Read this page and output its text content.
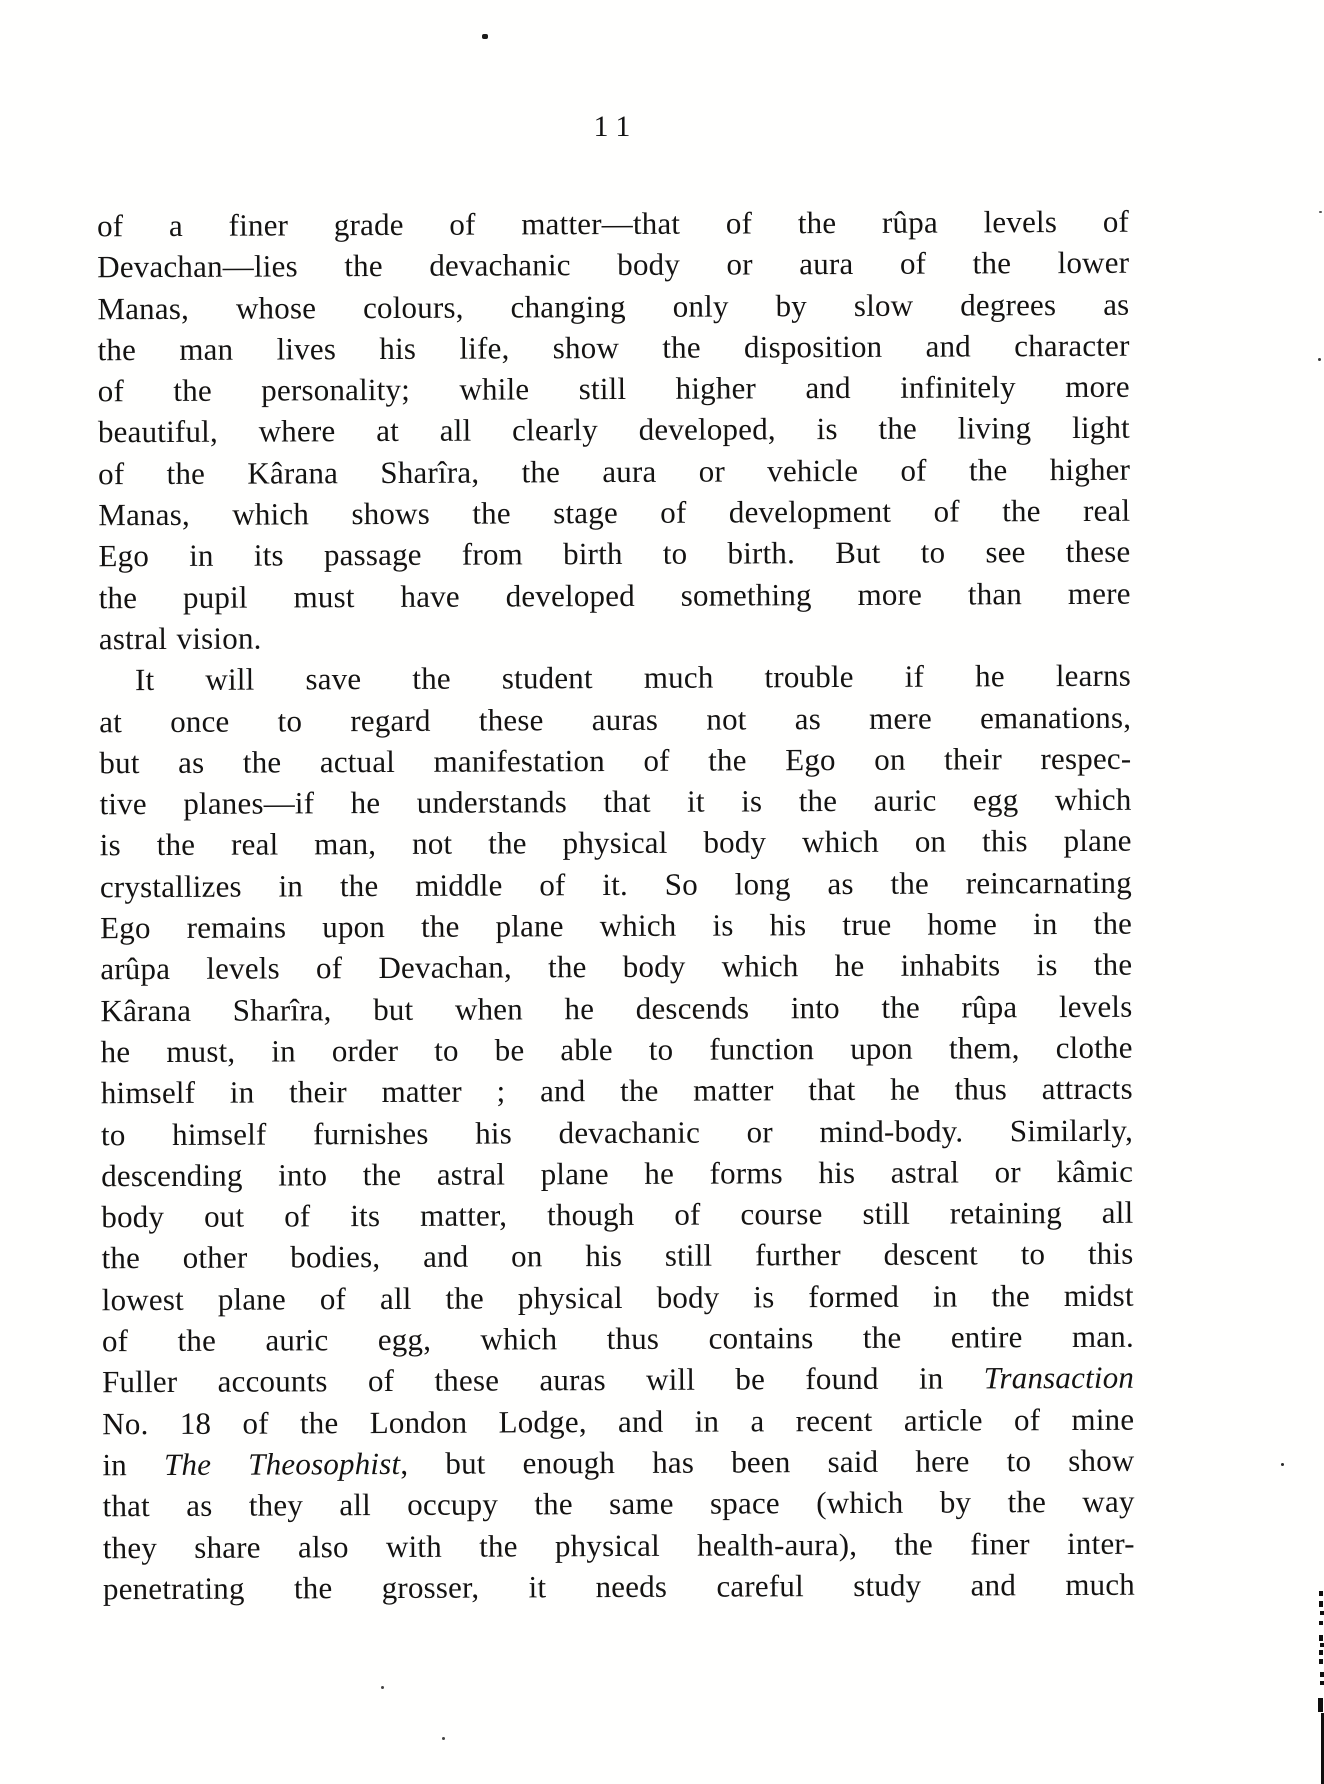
11
of a finer grade of matter—that of the rûpa levels of
Devachan—lies the devachanic body or aura of the lower
Manas, whose colours, changing only by slow degrees as
the man lives his life, show the disposition and character
of the personality; while still higher and infinitely more
beautiful, where at all clearly developed, is the living light
of the Kârana Sharîra, the aura or vehicle of the higher
Manas, which shows the stage of development of the real
Ego in its passage from birth to birth. But to see these
the pupil must have developed something more than mere
astral vision.
It will save the student much trouble if he learns
at once to regard these auras not as mere emanations,
but as the actual manifestation of the Ego on their respec-
tive planes—if he understands that it is the auric egg which
is the real man, not the physical body which on this plane
crystallizes in the middle of it. So long as the reincarnating
Ego remains upon the plane which is his true home in the
arûpa levels of Devachan, the body which he inhabits is the
Kârana Sharîra, but when he descends into the rûpa levels
he must, in order to be able to function upon them, clothe
himself in their matter ; and the matter that he thus attracts
to himself furnishes his devachanic or mind-body. Similarly,
descending into the astral plane he forms his astral or kâmic
body out of its matter, though of course still retaining all
the other bodies, and on his still further descent to this
lowest plane of all the physical body is formed in the midst
of the auric egg, which thus contains the entire man.
Fuller accounts of these auras will be found in Transaction
No. 18 of the London Lodge, and in a recent article of mine
in The Theosophist, but enough has been said here to show
that as they all occupy the same space (which by the way
they share also with the physical health-aura), the finer inter-
penetrating the grosser, it needs careful study and much
